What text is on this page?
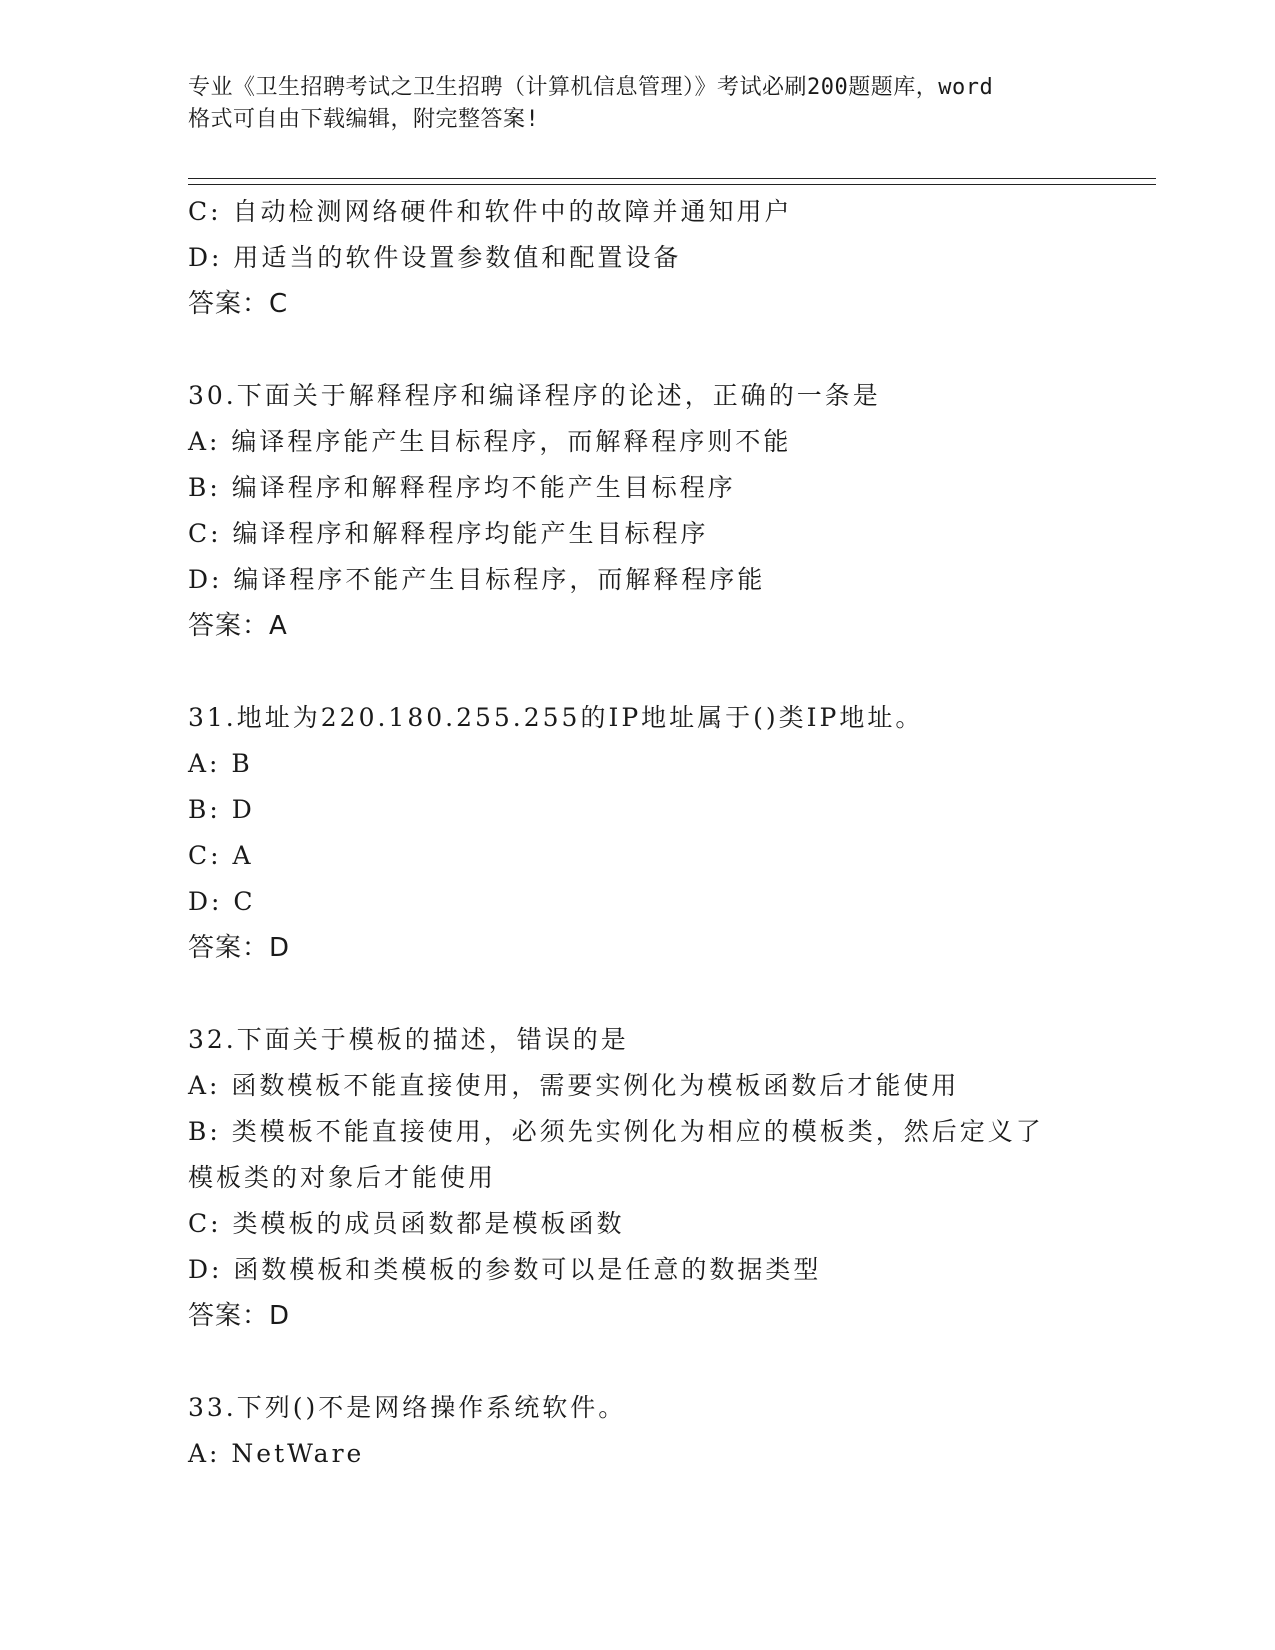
专业《卫生招聘考试之卫生招聘（计算机信息管理）》考试必刷200题题库，word
格式可自由下载编辑，附完整答案!
C: 自动检测网络硬件和软件中的故障并通知用户
D: 用适当的软件设置参数值和配置设备
答案：C
30.下面关于解释程序和编译程序的论述，正确的一条是
A: 编译程序能产生目标程序，而解释程序则不能
B: 编译程序和解释程序均不能产生目标程序
C: 编译程序和解释程序均能产生目标程序
D: 编译程序不能产生目标程序，而解释程序能
答案：A
31.地址为220.180.255.255的IP地址属于()类IP地址。
A: B
B: D
C: A
D: C
答案：D
32.下面关于模板的描述，错误的是
A: 函数模板不能直接使用，需要实例化为模板函数后才能使用
B: 类模板不能直接使用，必须先实例化为相应的模板类，然后定义了
模板类的对象后才能使用
C: 类模板的成员函数都是模板函数
D: 函数模板和类模板的参数可以是任意的数据类型
答案：D
33.下列()不是网络操作系统软件。
A: NetWare
